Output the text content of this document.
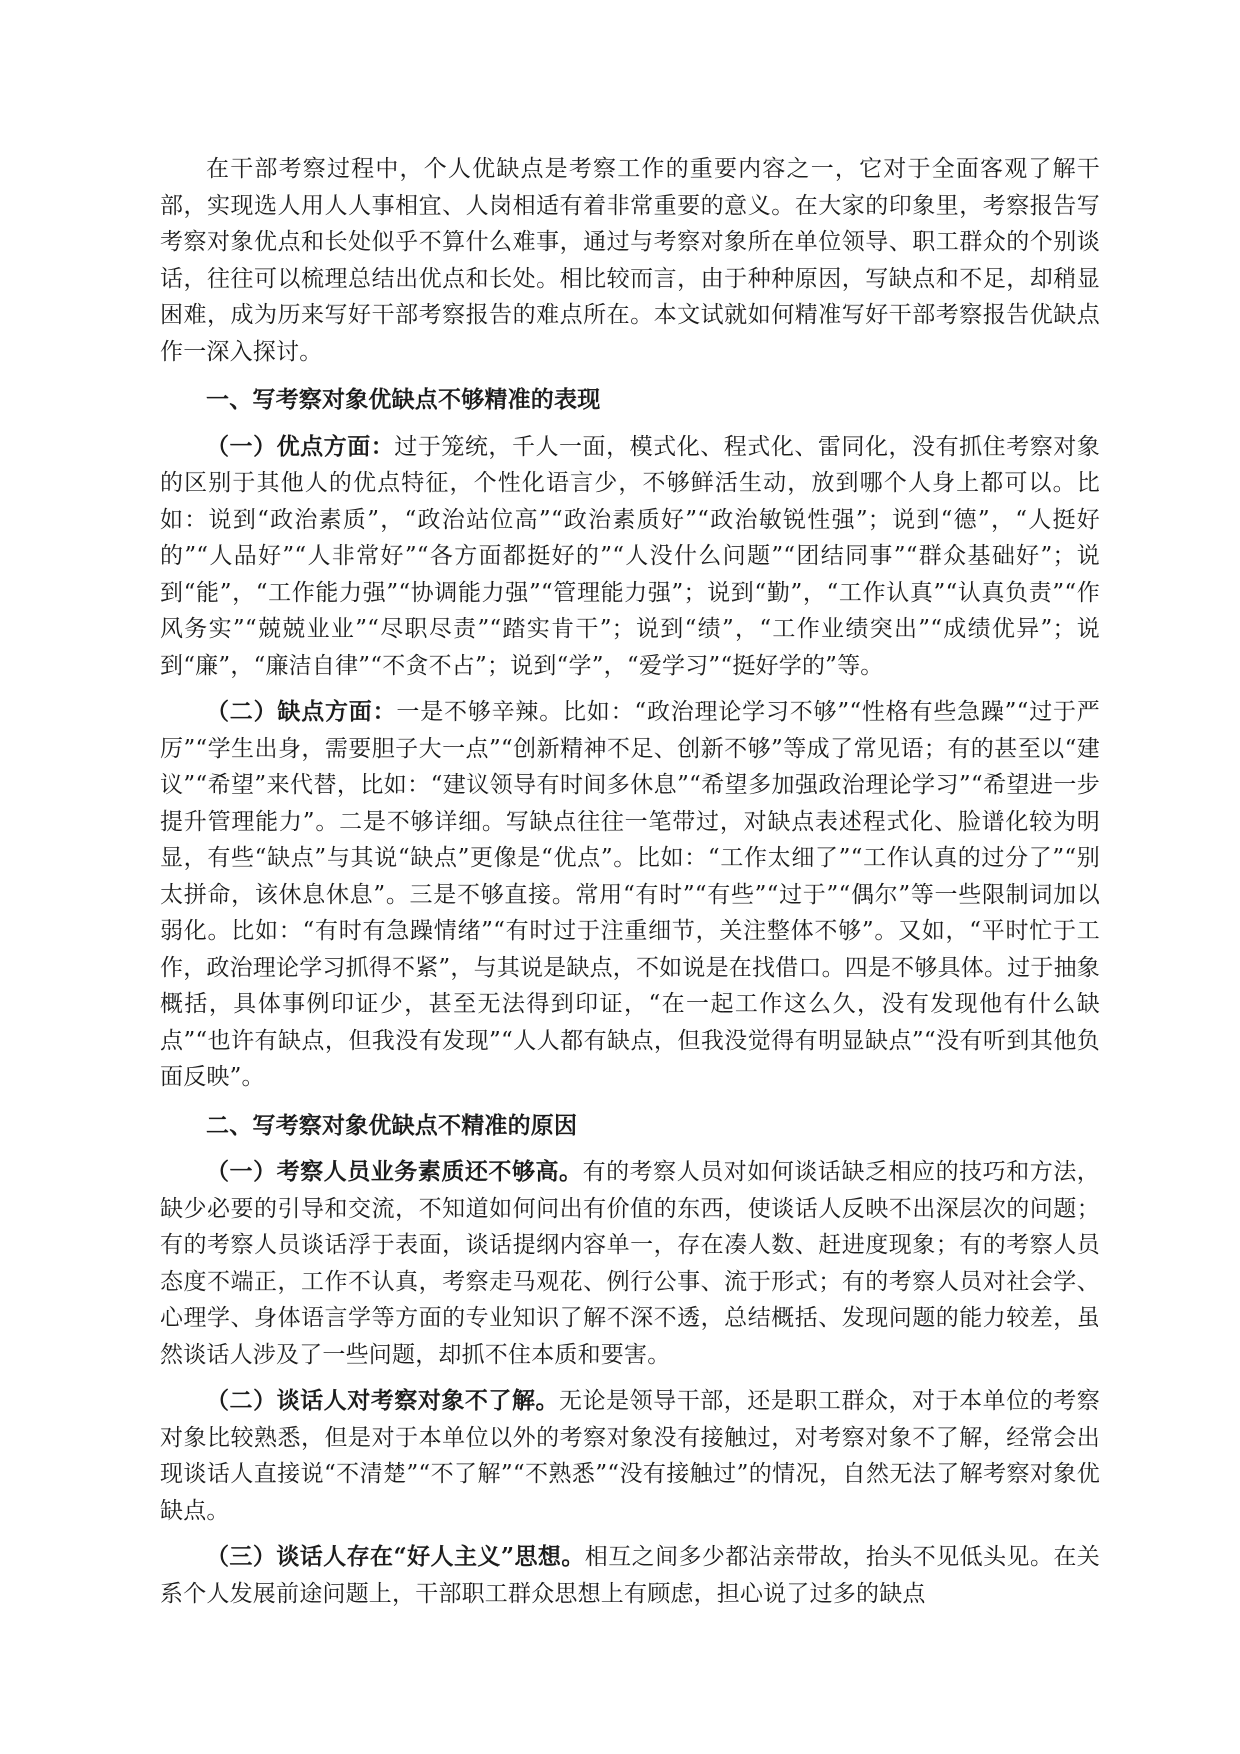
在干部考察过程中，个人优缺点是考察工作的重要内容之一，它对于全面客观了解干部，实现选人用人人事相宜、人岗相适有着非常重要的意义。在大家的印象里，考察报告写考察对象优点和长处似乎不算什么难事，通过与考察对象所在单位领导、职工群众的个别谈话，往往可以梳理总结出优点和长处。相比较而言，由于种种原因，写缺点和不足，却稍显困难，成为历来写好干部考察报告的难点所在。本文试就如何精准写好干部考察报告优缺点作一深入探讨。

一、写考察对象优缺点不够精准的表现

（一）优点方面：过于笼统，千人一面，模式化、程式化、雷同化，没有抓住考察对象的区别于其他人的优点特征，个性化语言少，不够鲜活生动，放到哪个人身上都可以。比如：说到“政治素质”，“政治站位高”“政治素质好”“政治敏锐性强”；说到“德”，“人挺好的”“人品好”“人非常好”“各方面都挺好的”“人没什么问题”“团结同事”“群众基础好”；说到“能”，“工作能力强”“协调能力强”“管理能力强”；说到“勤”，“工作认真”“认真负责”“作风务实”“兢兢业业”“尽职尽责”“踏实肯干”；说到“绩”，“工作业绩突出”“成绩优异”；说到“廉”，“廉洁自律”“不贪不占”；说到“学”，“爱学习”“挺好学的”等。

（二）缺点方面：一是不够辛辣。比如：“政治理论学习不够”“性格有些急躁”“过于严厉”“学生出身，需要胆子大一点”“创新精神不足、创新不够”等成了常见语；有的甚至以“建议”“希望”来代替，比如：“建议领导有时间多休息”“希望多加强政治理论学习”“希望进一步提升管理能力”。二是不够详细。写缺点往往一笔带过，对缺点表述程式化、脸谱化较为明显，有些“缺点”与其说“缺点”更像是“优点”。比如：“工作太细了”“工作认真的过分了”“别太拼命，该休息休息”。三是不够直接。常用“有时”“有些”“过于”“偶尔”等一些限制词加以弱化。比如：“有时有急躁情绪”“有时过于注重细节，关注整体不够”。又如，“平时忙于工作，政治理论学习抓得不紧”，与其说是缺点，不如说是在找借口。四是不够具体。过于抽象概括，具体事例印证少，甚至无法得到印证，“在一起工作这么久，没有发现他有什么缺点”“也许有缺点，但我没有发现”“人人都有缺点，但我没觉得有明显缺点”“没有听到其他负面反映”。

二、写考察对象优缺点不精准的原因

（一）考察人员业务素质还不够高。有的考察人员对如何谈话缺乏相应的技巧和方法，缺少必要的引导和交流，不知道如何问出有价值的东西，使谈话人反映不出深层次的问题；有的考察人员谈话浮于表面，谈话提纲内容单一，存在凑人数、赶进度现象；有的考察人员态度不端正，工作不认真，考察走马观花、例行公事、流于形式；有的考察人员对社会学、心理学、身体语言学等方面的专业知识了解不深不透，总结概括、发现问题的能力较差，虽然谈话人涉及了一些问题，却抓不住本质和要害。

（二）谈话人对考察对象不了解。无论是领导干部，还是职工群众，对于本单位的考察对象比较熟悉，但是对于本单位以外的考察对象没有接触过，对考察对象不了解，经常会出现谈话人直接说“不清楚”“不了解”“不熟悉”“没有接触过”的情况，自然无法了解考察对象优缺点。

（三）谈话人存在“好人主义”思想。相互之间多少都沾亲带故，抬头不见低头见。在关系个人发展前途问题上，干部职工群众思想上有顾虑，担心说了过多的缺点
